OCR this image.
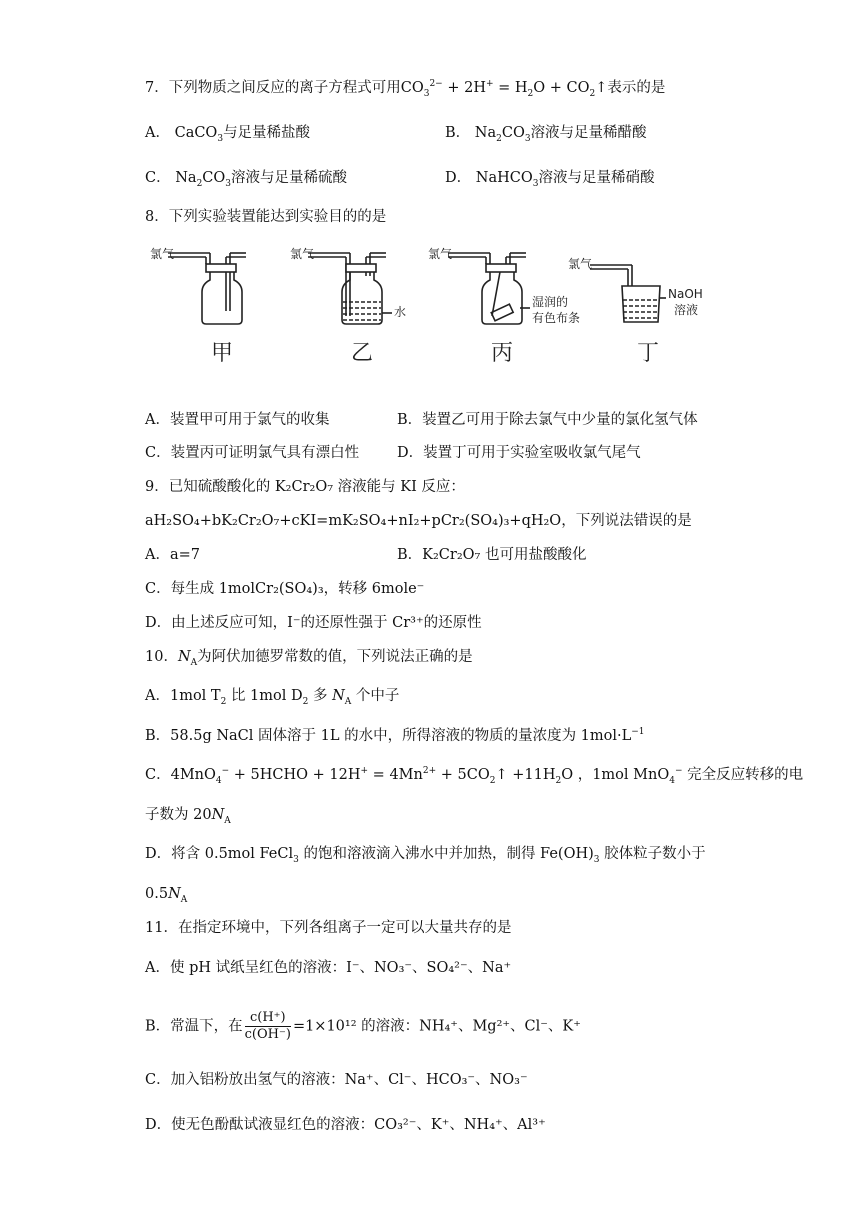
7．下列物质之间反应的离子方程式可用$CO_3^{2-} + 2H^+ = H_2O$ + $CO_2↑$表示的是
A． CaCO$_3$与足量稀盐酸	B． $Na_2CO_3$溶液与足量稀醋酸
C． $Na_2CO_3$溶液与足量稀硫酸	D． NaHCO$_3$溶液与足量稀硝酸
8．下列实验装置能达到实验目的的是
氯气	氯气
水
氯气
湿润的
有色布条
氯气
NaOH
溶液
甲	乙	丙	丁
A．装置甲可用于氯气的收集	B．装置乙可用于除去氯气中少量的氯化氢气体
C．装置丙可证明氯气具有漂白性	D．装置丁可用于实验室吸收氯气尾气
9．已知硫酸酸化的 K₂Cr₂O₇ 溶液能与 KI 反应：
aH₂SO₄+bK₂Cr₂O₇+cKI=mK₂SO₄+nI₂+pCr₂(SO₄)₃+qH₂O，下列说法错误的是
A．a=7	B．K₂Cr₂O₇ 也可用盐酸酸化
C．每生成 1molCr₂(SO₄)₃，转移 6mole⁻
D．由上述反应可知，I⁻的还原性强于 Cr³⁺的还原性
10．$N_A$为阿伏加德罗常数的值，下列说法正确的是
A．1mol $T_2$ 比 1mol $D_2$ 多 $N_A$ 个中子
B．58.5g NaCl 固体溶于 1L 的水中，所得溶液的物质的量浓度为 $1mol\cdot L^{-1}$
C．4MnO$_4$− + 5HCHO + $12H^+ = 4Mn^{2+}$ + $5CO_2↑ +11H_2O$ ，1mol MnO$_4$− 完全反应转移的电
子数为 $20N_A$
D．将含 0.5mol FeCl$_3$ 的饱和溶液滴入沸水中并加热，制得 $Fe(OH)_3$ 胶体粒子数小于
$0.5N_A$
11．在指定环境中，下列各组离子一定可以大量共存的是
A．使 pH 试纸呈红色的溶液：I⁻、NO₃⁻、SO₄²⁻、Na⁺
B．常温下，在 $\frac{c(H^+)}{c(OH^-)} =1\times 10^{12}$ 的溶液：NH₄⁺、Mg²⁺、Cl⁻、K⁺
C．加入铝粉放出氢气的溶液：Na⁺、Cl⁻、HCO₃⁻、NO₃⁻
D．使无色酚酞试液显红色的溶液：CO₃²⁻、K⁺、NH₄⁺、Al³⁺
